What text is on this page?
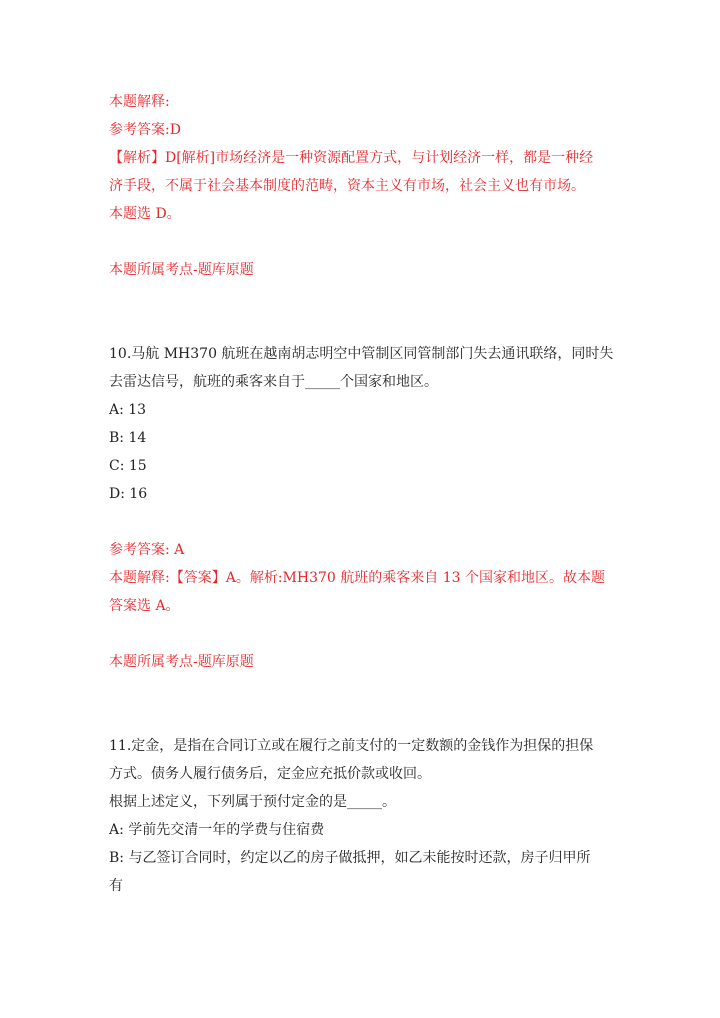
本题解释:
参考答案:D
【解析】D[解析]市场经济是一种资源配置方式，与计划经济一样，都是一种经
济手段，不属于社会基本制度的范畴，资本主义有市场，社会主义也有市场。
本题选 D。
本题所属考点-题库原题
10.马航 MH370 航班在越南胡志明空中管制区同管制部门失去通讯联络，同时失
去雷达信号，航班的乘客来自于_____个国家和地区。
A: 13
B: 14
C: 15
D: 16
参考答案: A
本题解释:【答案】A。解析:MH370 航班的乘客来自 13 个国家和地区。故本题
答案选 A。
本题所属考点-题库原题
11.定金，是指在合同订立或在履行之前支付的一定数额的金钱作为担保的担保
方式。债务人履行债务后，定金应充抵价款或收回。
根据上述定义，下列属于预付定金的是_____。
A: 学前先交清一年的学费与住宿费
B: 与乙签订合同时，约定以乙的房子做抵押，如乙未能按时还款，房子归甲所
有
